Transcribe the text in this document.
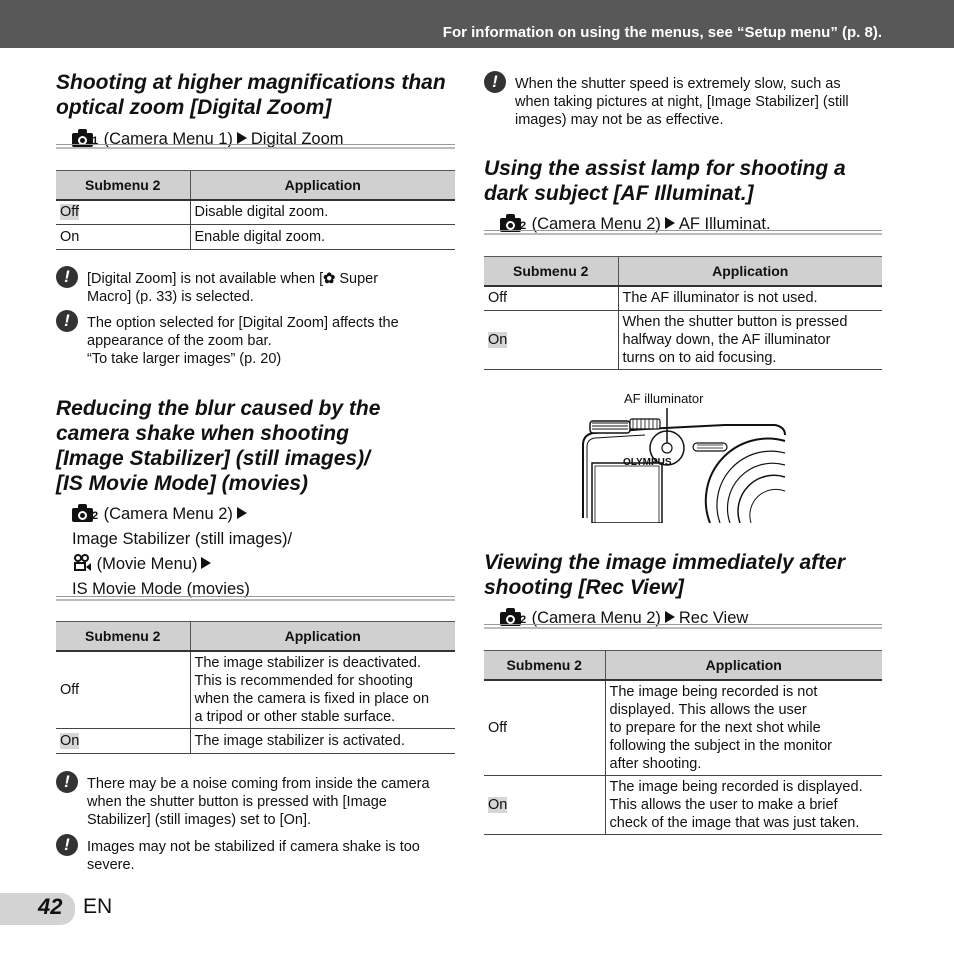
For information on using the menus, see “Setup menu” (p. 8).
Shooting at higher magnifications than
optical zoom [Digital Zoom]
1 (Camera Menu 1) Digital Zoom
Submenu 2	Application
Off	Disable digital zoom.
On	Enable digital zoom.
!	[Digital Zoom] is not available when [✿ Super
Macro] (p. 33) is selected.
!	The option selected for [Digital Zoom] affects the
appearance of the zoom bar.
“To take larger images” (p. 20)
Reducing the blur caused by the
camera shake when shooting
[Image Stabilizer] (still images)/
[IS Movie Mode] (movies)
2 (Camera Menu 2)
Image Stabilizer (still images)/
(Movie Menu)
IS Movie Mode (movies)
Submenu 2	Application
Off	The image stabilizer is deactivated.
This is recommended for shooting
when the camera is fixed in place on
a tripod or other stable surface.

On	The image stabilizer is activated.
!	There may be a noise coming from inside the camera
when the shutter button is pressed with [Image
Stabilizer] (still images) set to [On].
!	Images may not be stabilized if camera shake is too
severe.
!	When the shutter speed is extremely slow, such as
when taking pictures at night, [Image Stabilizer] (still
images) may not be as effective.
Using the assist lamp for shooting a
dark subject [AF Illuminat.]
2 (Camera Menu 2) AF Illuminat.
Submenu 2	Application
Off	The AF illuminator is not used.
On	When the shutter button is pressed
halfway down, the AF illuminator
turns on to aid focusing.
AF illuminator
OLYMPUS
Viewing the image immediately after
shooting [Rec View]
2 (Camera Menu 2) Rec View
Submenu 2	Application
Off	The image being recorded is not
displayed. This allows the user
to prepare for the next shot while
following the subject in the monitor
after shooting.

On	The image being recorded is displayed.
This allows the user to make a brief
check of the image that was just taken.
42 EN
